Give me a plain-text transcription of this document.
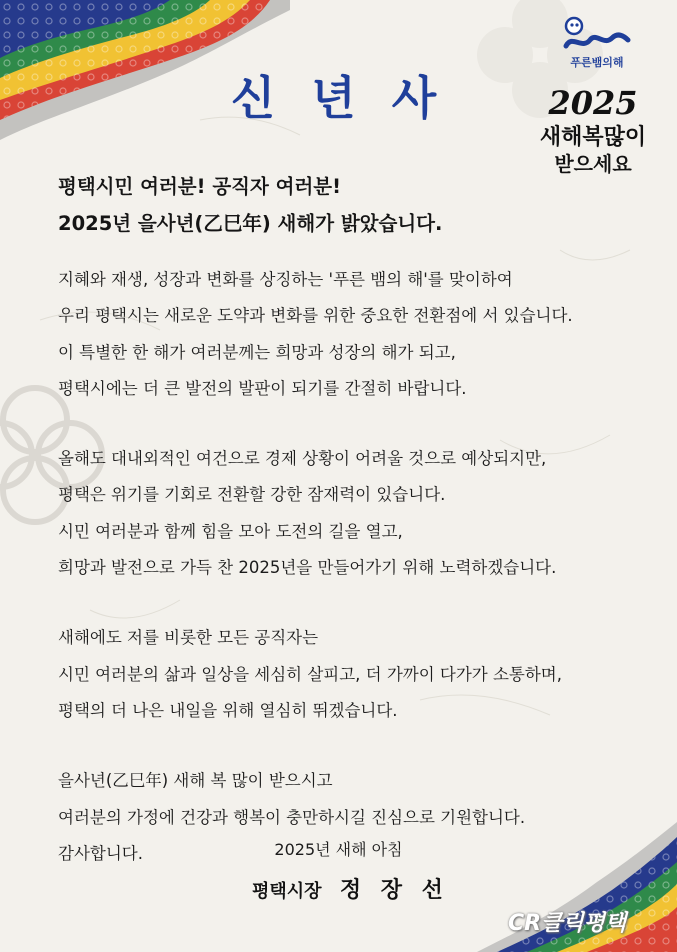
신 년 사
푸른뱀의해
2025
새해복많이
받으세요
평택시민 여러분! 공직자 여러분!
2025년 을사년(乙巳年) 새해가 밝았습니다.
지혜와 재생, 성장과 변화를 상징하는 '푸른 뱀의 해'를 맞이하여
우리 평택시는 새로운 도약과 변화를 위한 중요한 전환점에 서 있습니다.
이 특별한 한 해가 여러분께는 희망과 성장의 해가 되고,
평택시에는 더 큰 발전의 발판이 되기를 간절히 바랍니다.
올해도 대내외적인 여건으로 경제 상황이 어려울 것으로 예상되지만,
평택은 위기를 기회로 전환할 강한 잠재력이 있습니다.
시민 여러분과 함께 힘을 모아 도전의 길을 열고,
희망과 발전으로 가득 찬 2025년을 만들어가기 위해 노력하겠습니다.
새해에도 저를 비롯한 모든 공직자는
시민 여러분의 삶과 일상을 세심히 살피고, 더 가까이 다가가 소통하며,
평택의 더 나은 내일을 위해 열심히 뛰겠습니다.
을사년(乙巳年) 새해 복 많이 받으시고
여러분의 가정에 건강과 행복이 충만하시길 진심으로 기원합니다.
감사합니다.	2025년 새해 아침
평택시장 정 장 선
CR클릭평택
